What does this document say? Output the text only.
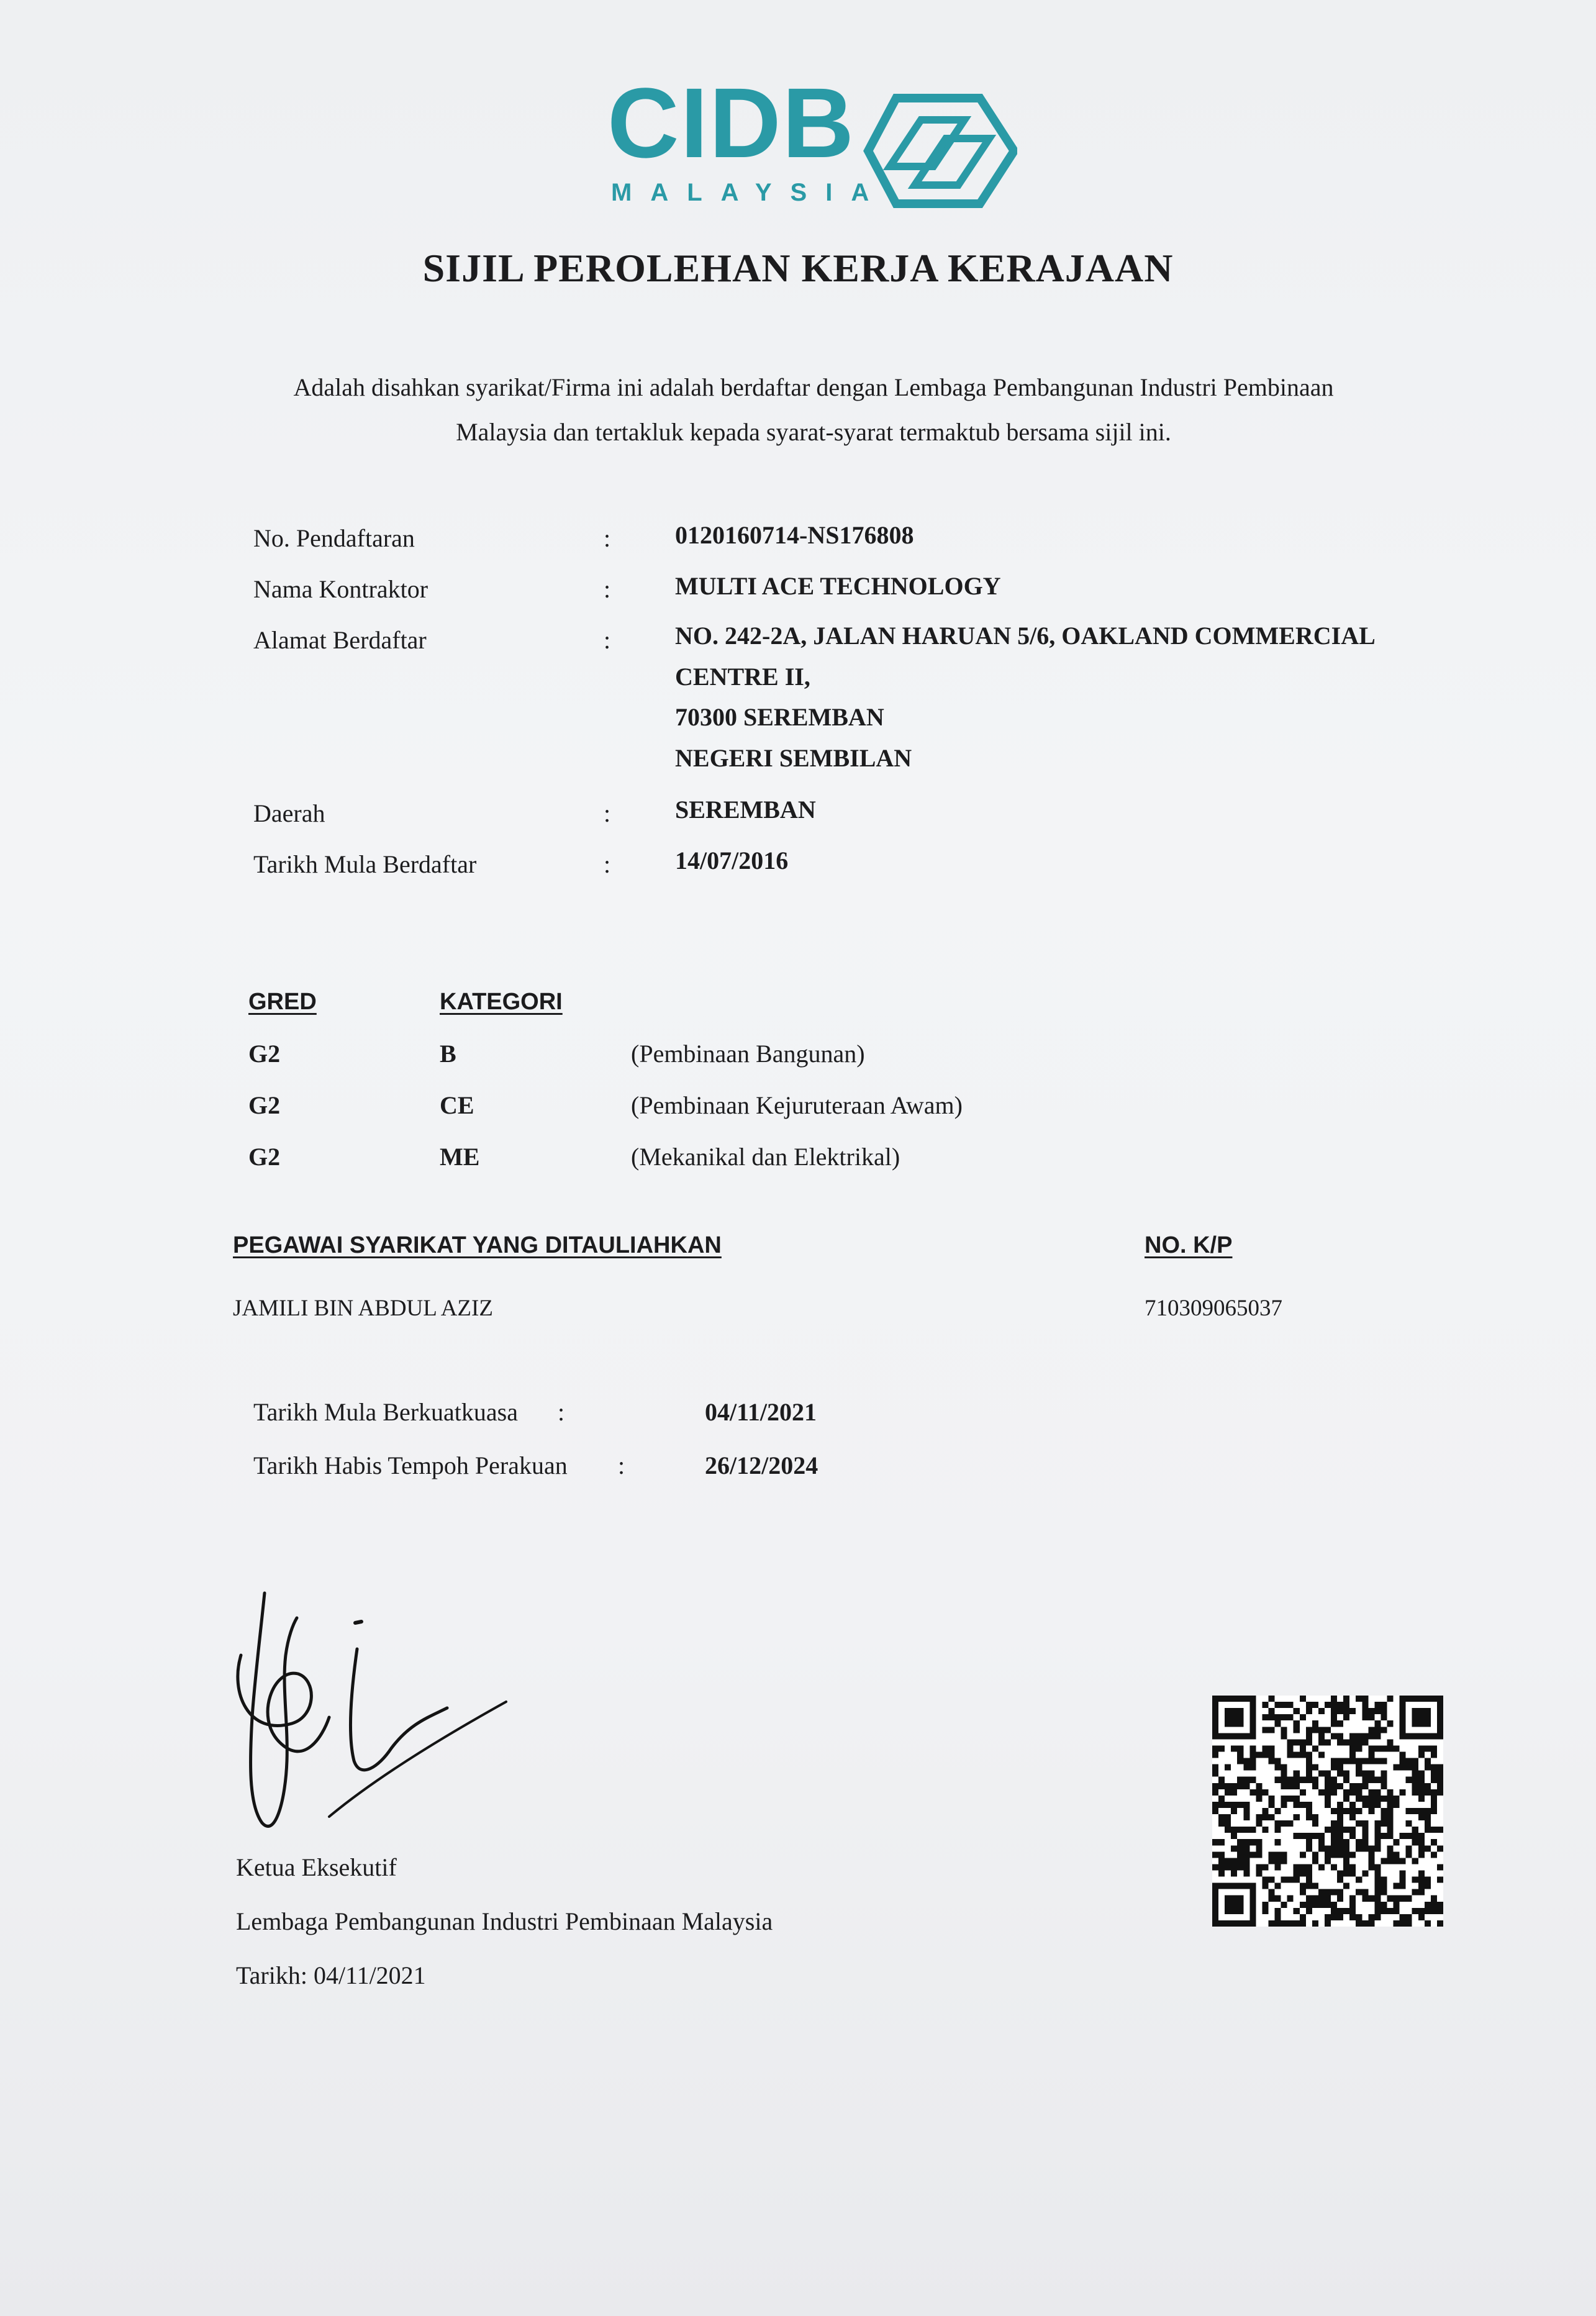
CIDB
MALAYSIA
SIJIL PEROLEHAN KERJA KERAJAAN
Adalah disahkan syarikat/Firma ini adalah berdaftar dengan Lembaga Pembangunan Industri Pembinaan
Malaysia dan tertakluk kepada syarat-syarat termaktub bersama sijil ini.
No. Pendaftaran	:	0120160714-NS176808
Nama Kontraktor	:	MULTI ACE TECHNOLOGY
Alamat Berdaftar	:	NO. 242-2A, JALAN HARUAN 5/6, OAKLAND COMMERCIAL
CENTRE II,
70300 SEREMBAN
NEGERI SEMBILAN
Daerah	:	SEREMBAN
Tarikh Mula Berdaftar	:	14/07/2016
GRED	KATEGORI
G2	B	(Pembinaan Bangunan)
G2	CE	(Pembinaan Kejuruteraan Awam)
G2	ME	(Mekanikal dan Elektrikal)
PEGAWAI SYARIKAT YANG DITAULIAHKAN	NO. K/P
JAMILI BIN ABDUL AZIZ	710309065037
Tarikh Mula Berkuatkuasa :	04/11/2021
Tarikh Habis Tempoh Perakuan :	26/12/2024
Ketua Eksekutif
Lembaga Pembangunan Industri Pembinaan Malaysia
Tarikh: 04/11/2021
